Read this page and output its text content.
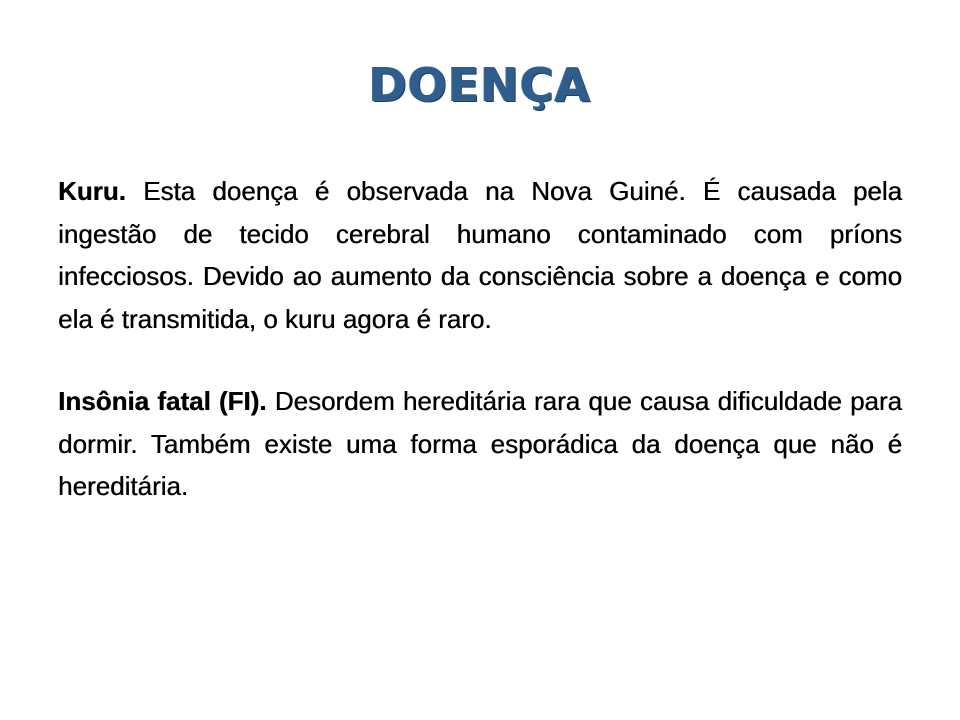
DOENÇA

Kuru. Esta doença é observada na Nova Guiné. É causada pela ingestão de tecido cerebral humano contaminado com príons infecciosos. Devido ao aumento da consciência sobre a doença e como ela é transmitida, o kuru agora é raro.

Insônia fatal (FI). Desordem hereditária rara que causa dificuldade para dormir. Também existe uma forma esporádica da doença que não é hereditária.
